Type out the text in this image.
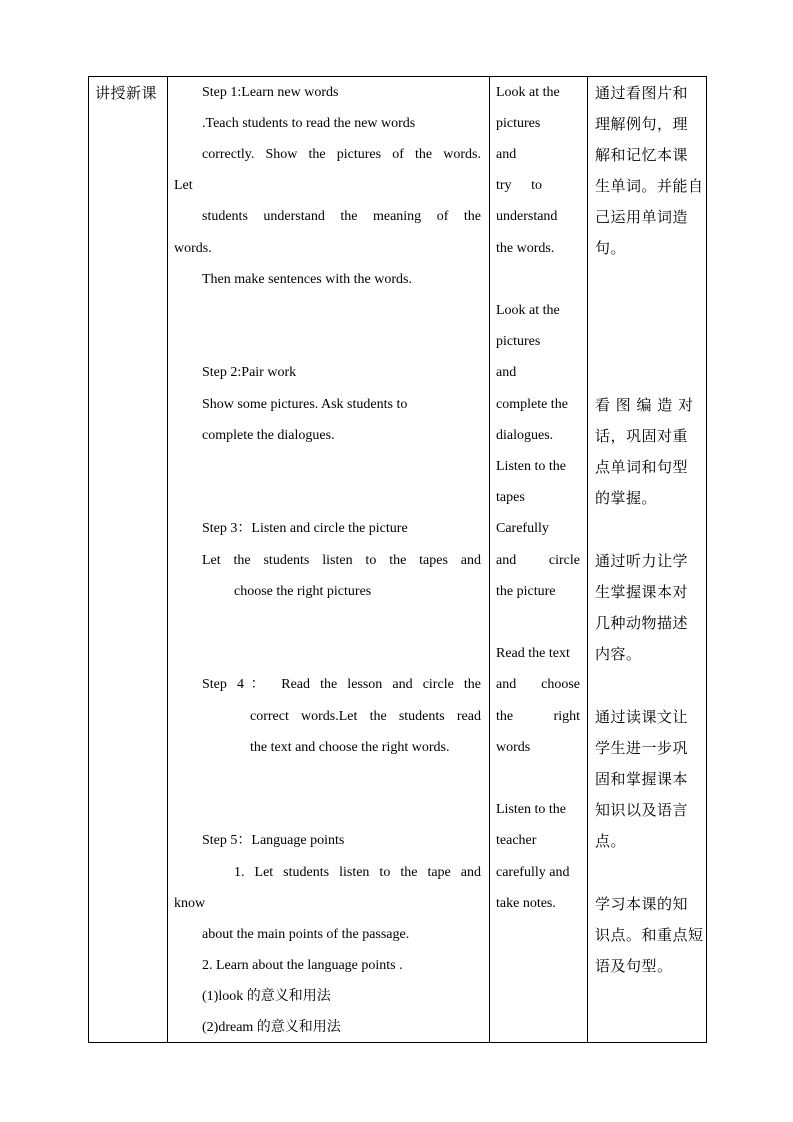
讲授新课	Step 1:Learn new words
.Teach students to read the new words
correctly. Show the pictures of the words.
Let
students understand the meaning of the
words.
Then make sentences with the words.
Step 2:Pair work
Show some pictures. Ask students to
complete the dialogues.
Step 3：Listen and circle the picture
Let the students listen to the tapes and
choose the right pictures
Step 4： Read the lesson and circle the
correct words.Let the students read
the text and choose the right words.
Step 5：Language points
1. Let students listen to the tape and
know
about the main points of the passage.
2. Learn about the language points .
(1)look 的意义和用法
(2)dream 的意义和用法
Look at the
pictures
and
try to
understand
the words.
Look at the
pictures
and
complete the
dialogues.
Listen to the
tapes
Carefully
and circle
the picture
Read the text
and choose
the right
words
Listen to the
teacher
carefully and
take notes.
通过看图片和
理解例句，理
解和记忆本课
生单词。并能自
己运用单词造
句。
看 图 编 造 对
话，巩固对重
点单词和句型
的掌握。
通过听力让学
生掌握课本对
几种动物描述
内容。
通过读课文让
学生进一步巩
固和掌握课本
知识以及语言
点。
学习本课的知
识点。和重点短
语及句型。
